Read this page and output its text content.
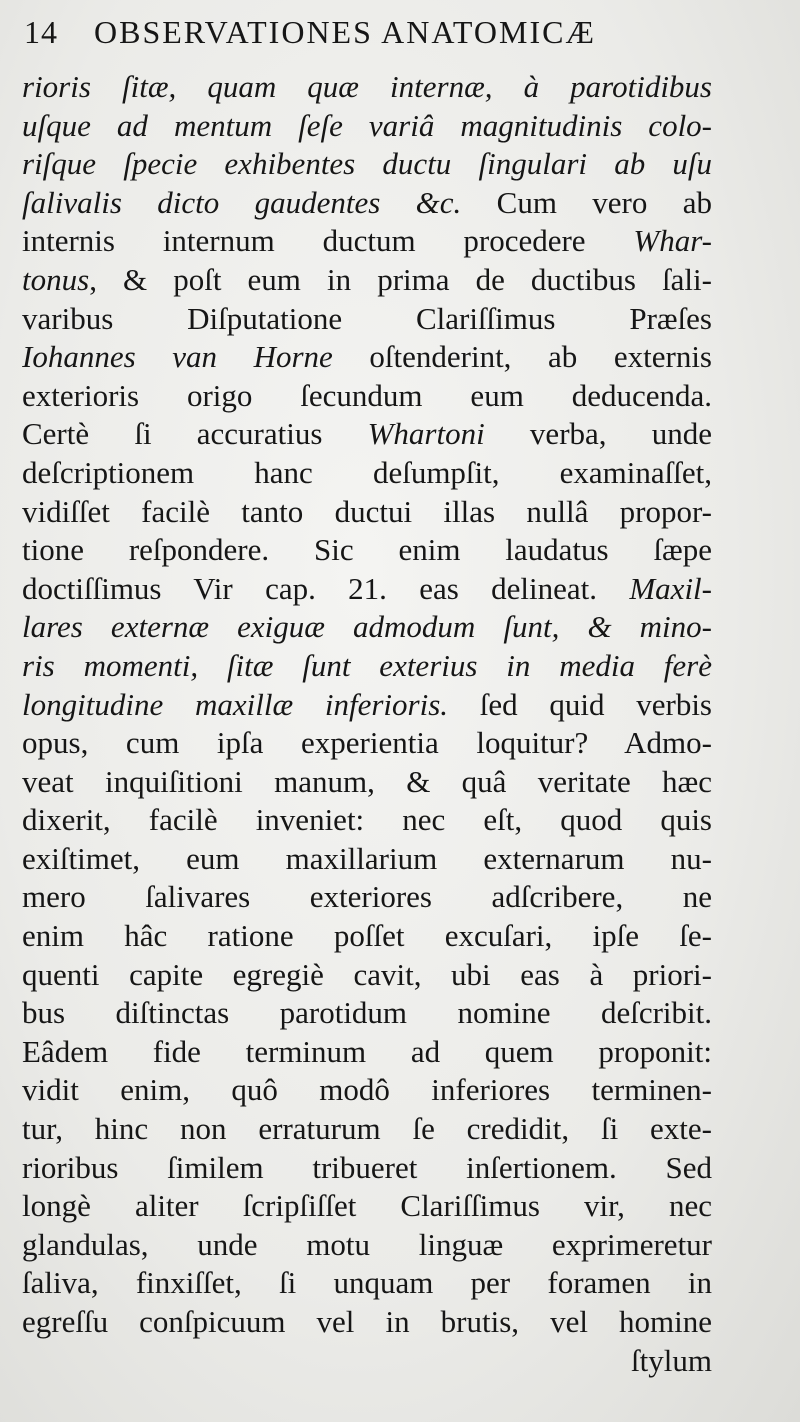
14 OBSERVATIONES ANATOMICÆ
rioris ſitæ, quam quæ internæ, à parotidibus
uſque ad mentum ſeſe variâ magnitudinis colo-
riſque ſpecie exhibentes ductu ſingulari ab uſu
ſalivalis dicto gaudentes &c. Cum vero ab
internis internum ductum procedere Whar-
tonus, & poſt eum in prima de ductibus ſali-
varibus Diſputatione Clariſſimus Præſes
Iohannes van Horne oſtenderint, ab externis
exterioris origo ſecundum eum deducenda.
Certè ſi accuratius Whartoni verba, unde
deſcriptionem hanc deſumpſit, examinaſſet,
vidiſſet facilè tanto ductui illas nullâ propor-
tione reſpondere. Sic enim laudatus ſæpe
doctiſſimus Vir cap. 21. eas delineat. Maxil-
lares externæ exiguæ admodum ſunt, & mino-
ris momenti, ſitæ ſunt exterius in media ferè
longitudine maxillæ inferioris. ſed quid verbis
opus, cum ipſa experientia loquitur? Admo-
veat inquiſitioni manum, & quâ veritate hæc
dixerit, facilè inveniet: nec eſt, quod quis
exiſtimet, eum maxillarium externarum nu-
mero ſalivares exteriores adſcribere, ne
enim hâc ratione poſſet excuſari, ipſe ſe-
quenti capite egregiè cavit, ubi eas à priori-
bus diſtinctas parotidum nomine deſcribit.
Eâdem fide terminum ad quem proponit:
vidit enim, quô modô inferiores terminen-
tur, hinc non erraturum ſe credidit, ſi exte-
rioribus ſimilem tribueret inſertionem. Sed
longè aliter ſcripſiſſet Clariſſimus vir, nec
glandulas, unde motu linguæ exprimeretur
ſaliva, finxiſſet, ſi unquam per foramen in
egreſſu conſpicuum vel in brutis, vel homine
ſtylum
